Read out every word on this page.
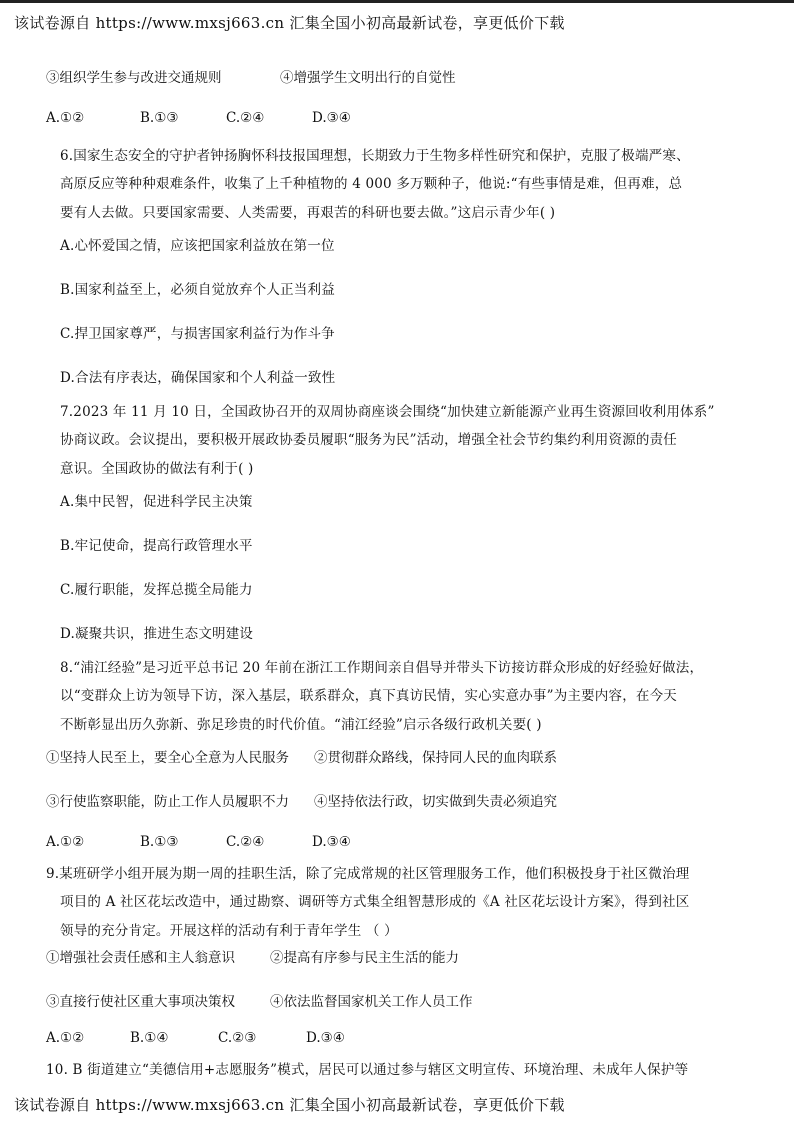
该试卷源自 https://www.mxsj663.cn 汇集全国小初高最新试卷，享更低价下载
③组织学生参与改进交通规则	④增强学生文明出行的自觉性
A.①②	B.①③	C.②④	D.③④
6.国家生态安全的守护者钟扬胸怀科技报国理想，长期致力于生物多样性研究和保护，克服了极端严寒、
高原反应等种种艰难条件，收集了上千种植物的 4 000 多万颗种子，他说:“有些事情是难，但再难，总
要有人去做。只要国家需要、人类需要，再艰苦的科研也要去做。”这启示青少年( )
A.心怀爱国之情，应该把国家利益放在第一位
B.国家利益至上，必须自觉放弃个人正当利益
C.捍卫国家尊严，与损害国家利益行为作斗争
D.合法有序表达，确保国家和个人利益一致性
7.2023 年 11 月 10 日，全国政协召开的双周协商座谈会围绕“加快建立新能源产业再生资源回收利用体系”
协商议政。会议提出，要积极开展政协委员履职“服务为民”活动，增强全社会节约集约利用资源的责任
意识。全国政协的做法有利于( )
A.集中民智，促进科学民主决策
B.牢记使命，提高行政管理水平
C.履行职能，发挥总揽全局能力
D.凝聚共识，推进生态文明建设
8.“浦江经验”是习近平总书记 20 年前在浙江工作期间亲自倡导并带头下访接访群众形成的好经验好做法，
以“变群众上访为领导下访，深入基层，联系群众，真下真访民情，实心实意办事”为主要内容，在今天
不断彰显出历久弥新、弥足珍贵的时代价值。“浦江经验”启示各级行政机关要( )
①坚持人民至上，要全心全意为人民服务 ②贯彻群众路线，保持同人民的血肉联系
③行使监察职能，防止工作人员履职不力 ④坚持依法行政，切实做到失责必须追究
A.①②	B.①③	C.②④	D.③④
9.某班研学小组开展为期一周的挂职生活，除了完成常规的社区管理服务工作，他们积极投身于社区微治理
项目的 A 社区花坛改造中，通过勘察、调研等方式集全组智慧形成的《A 社区花坛设计方案》，得到社区
领导的充分肯定。开展这样的活动有利于青年学生 （ ）
①增强社会责任感和主人翁意识	②提高有序参与民主生活的能力
③直接行使社区重大事项决策权	④依法监督国家机关工作人员工作
A.①②	B.①④	C.②③	D.③④
10. B 街道建立“美德信用+志愿服务”模式，居民可以通过参与辖区文明宣传、环境治理、未成年人保护等
该试卷源自 https://www.mxsj663.cn 汇集全国小初高最新试卷，享更低价下载
